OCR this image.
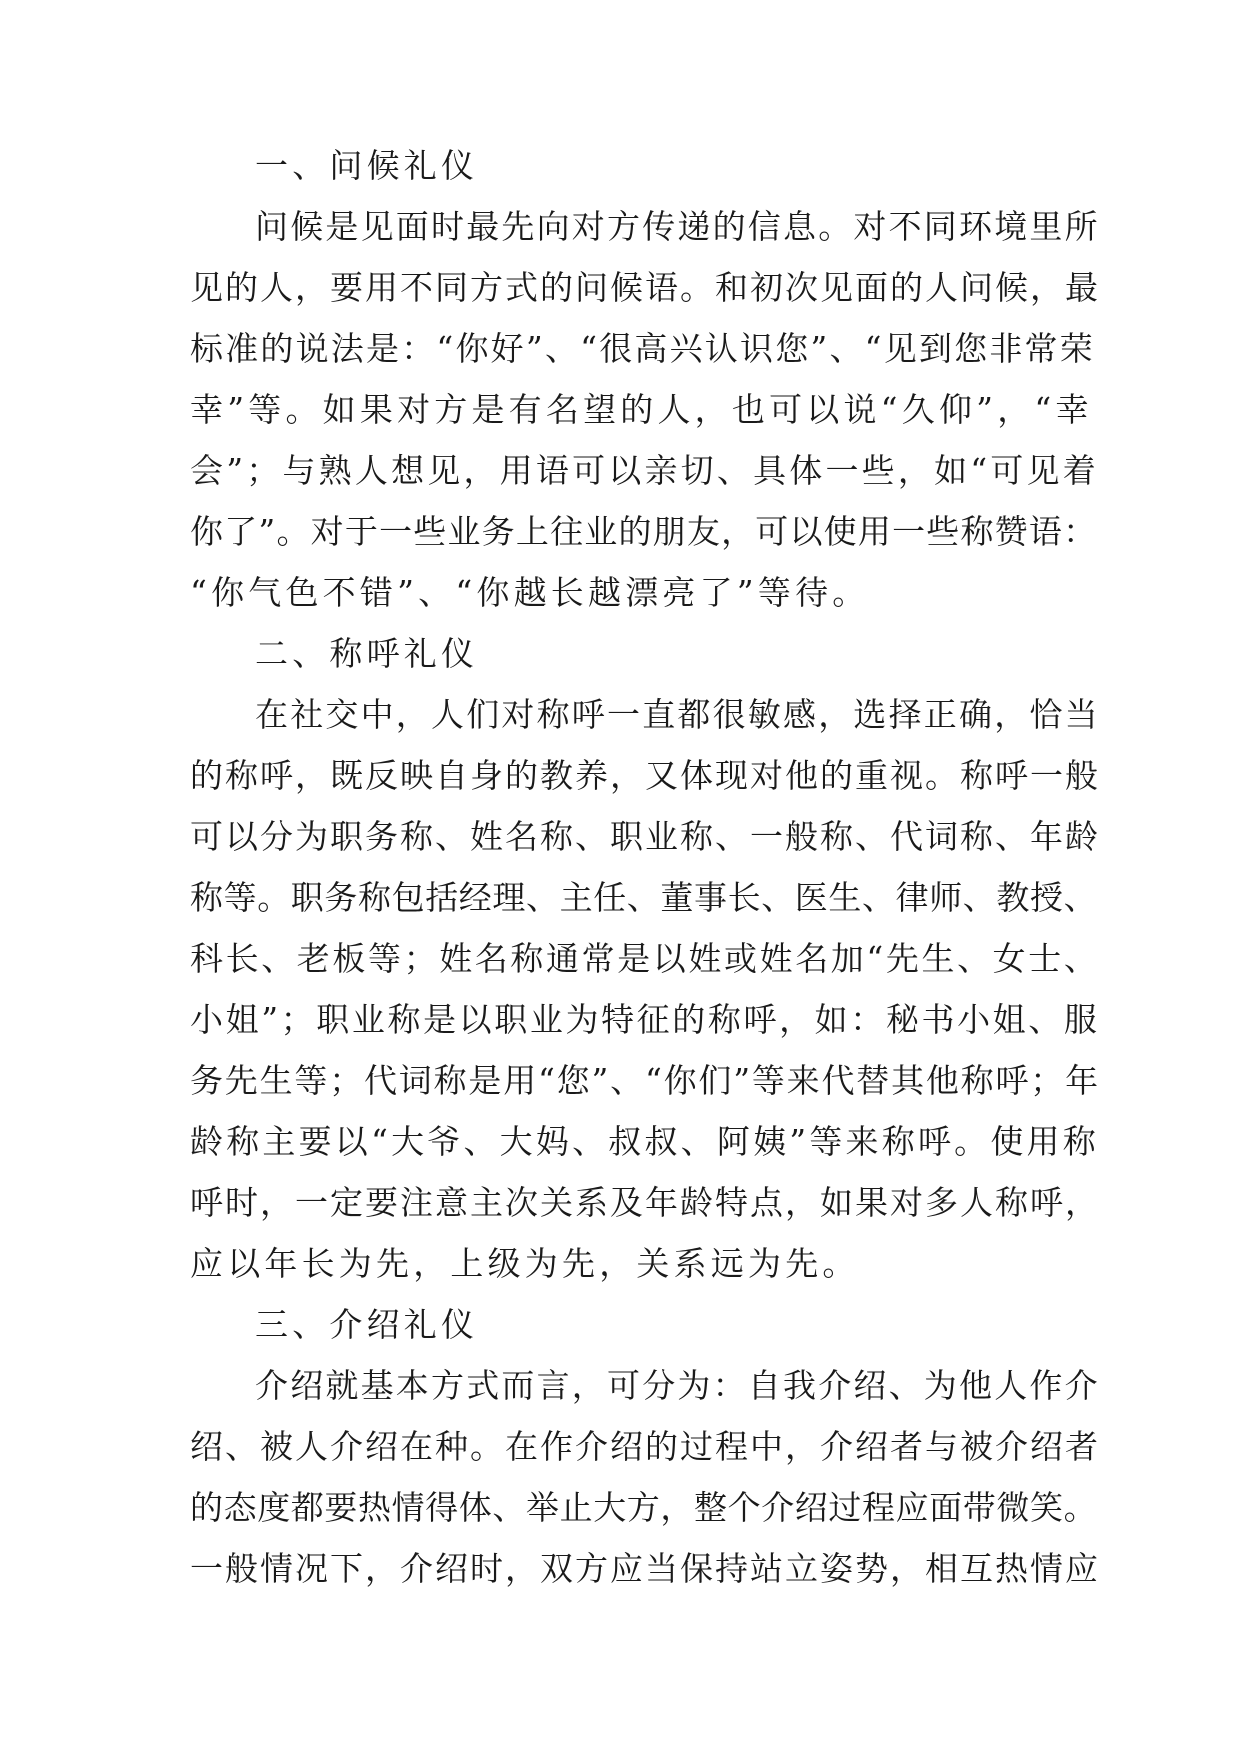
一、问候礼仪

问候是见面时最先向对方传递的信息。对不同环境里所

见的人，要用不同方式的问候语。和初次见面的人问候，最

标准的说法是：“你好”、“很高兴认识您”、“见到您非常荣

幸”等。如果对方是有名望的人，也可以说“久仰”，“幸

会”；与熟人想见，用语可以亲切、具体一些，如“可见着

你了”。对于一些业务上往业的朋友，可以使用一些称赞语：

“你气色不错”、“你越长越漂亮了”等待。

二、称呼礼仪

在社交中，人们对称呼一直都很敏感，选择正确，恰当

的称呼，既反映自身的教养，又体现对他的重视。称呼一般

可以分为职务称、姓名称、职业称、一般称、代词称、年龄

称等。职务称包括经理、主任、董事长、医生、律师、教授、

科长、老板等；姓名称通常是以姓或姓名加“先生、女士、

小姐”；职业称是以职业为特征的称呼，如：秘书小姐、服

务先生等；代词称是用“您”、“你们”等来代替其他称呼；年

龄称主要以“大爷、大妈、叔叔、阿姨”等来称呼。使用称

呼时，一定要注意主次关系及年龄特点，如果对多人称呼，

应以年长为先，上级为先，关系远为先。

三、介绍礼仪

介绍就基本方式而言，可分为：自我介绍、为他人作介

绍、被人介绍在种。在作介绍的过程中，介绍者与被介绍者

的态度都要热情得体、举止大方，整个介绍过程应面带微笑。

一般情况下，介绍时，双方应当保持站立姿势，相互热情应
